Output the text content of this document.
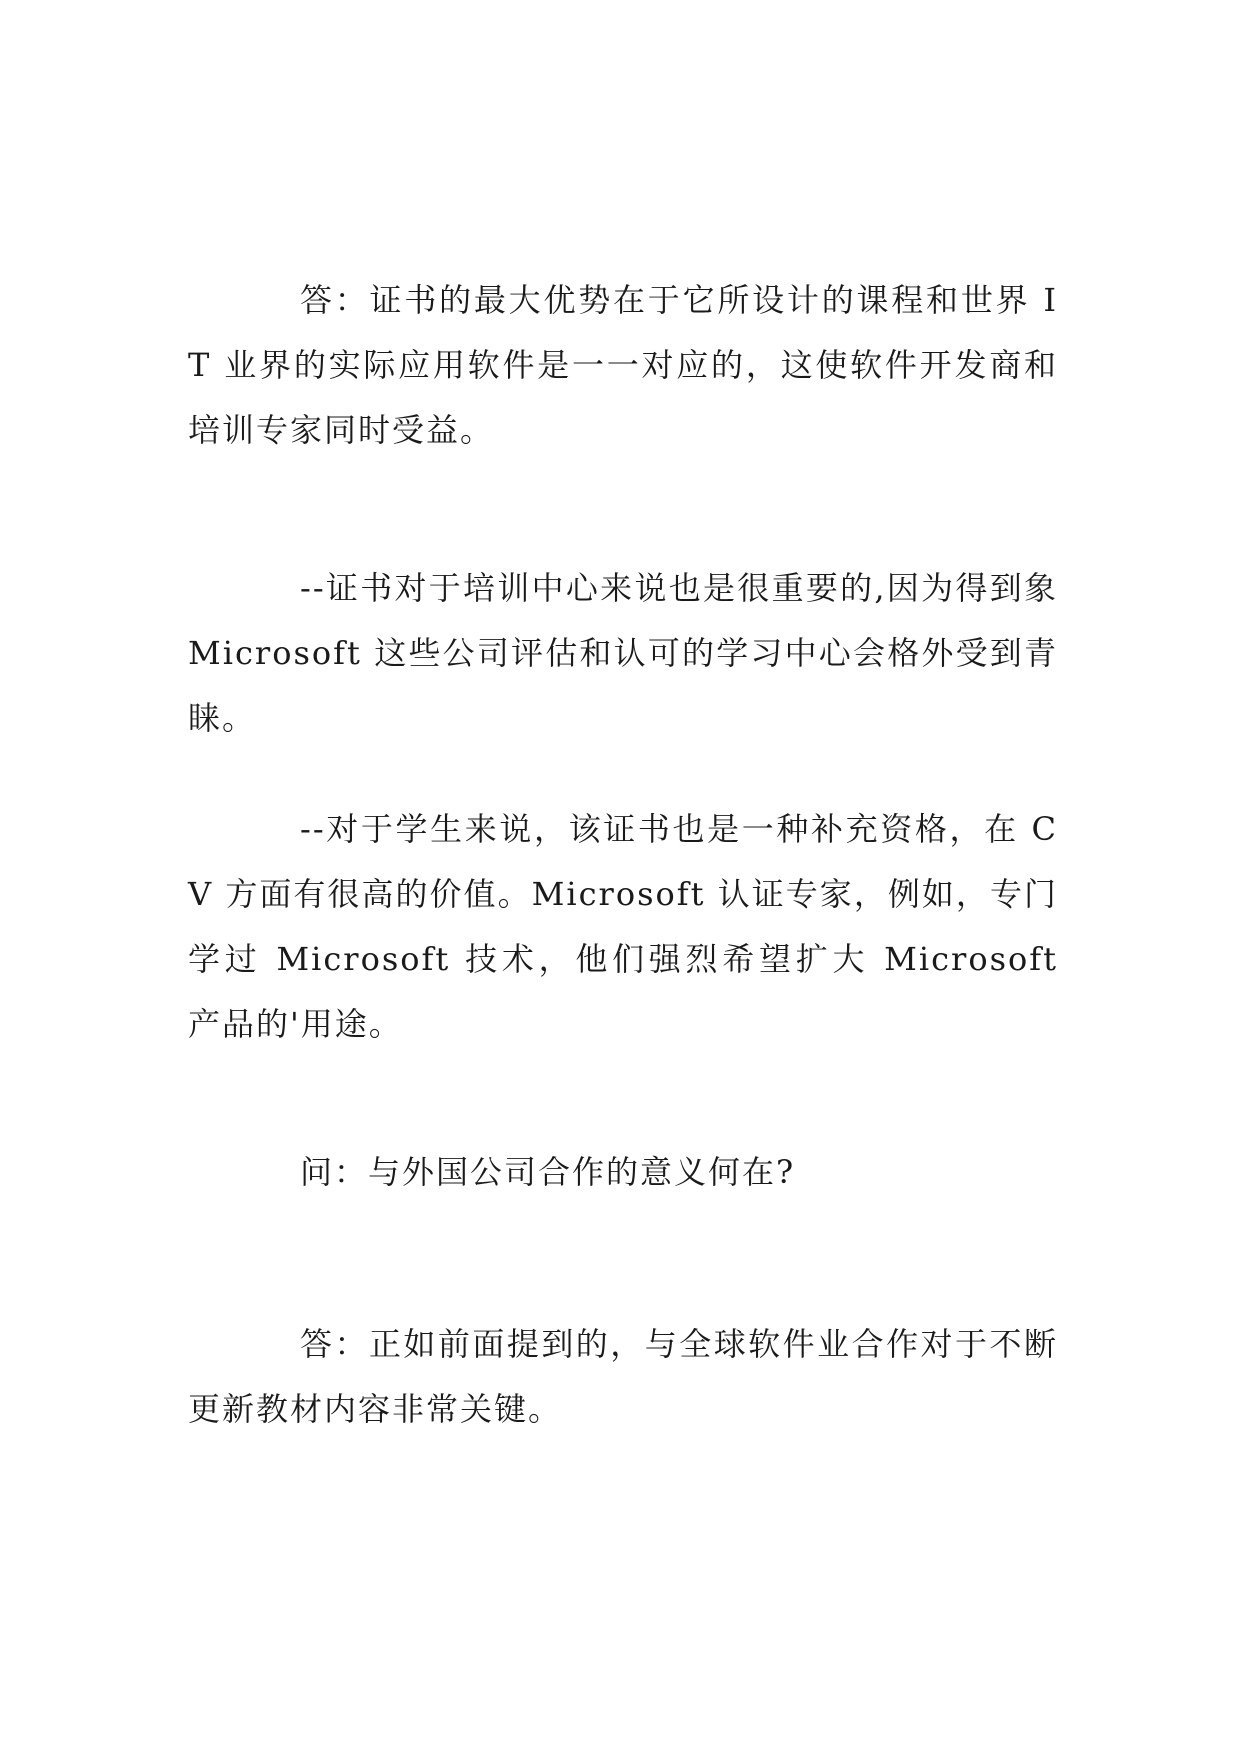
答：证书的最大优势在于它所设计的课程和世界 IT 业界的实际应用软件是一一对应的，这使软件开发商和培训专家同时受益。

--证书对于培训中心来说也是很重要的,因为得到象 Microsoft 这些公司评估和认可的学习中心会格外受到青睐。

--对于学生来说，该证书也是一种补充资格，在 CV 方面有很高的价值。Microsoft 认证专家，例如，专门学过 Microsoft 技术，他们强烈希望扩大 Microsoft 产品的'用途。

问：与外国公司合作的意义何在?

答：正如前面提到的，与全球软件业合作对于不断更新教材内容非常关键。
